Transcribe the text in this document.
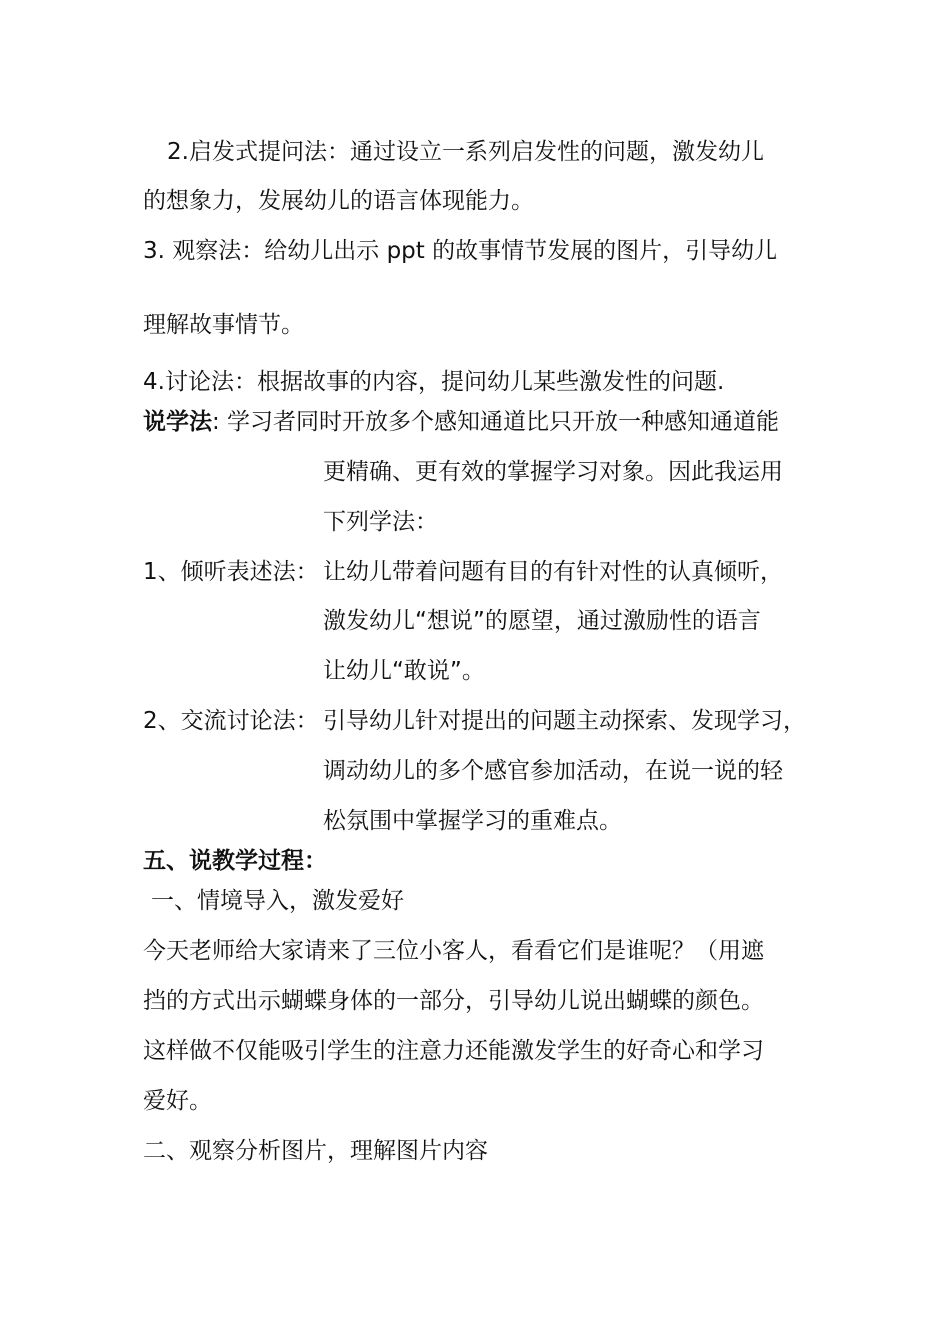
2.启发式提问法：通过设立一系列启发性的问题，激发幼儿
的想象力，发展幼儿的语言体现能力。
3. 观察法：给幼儿出示 ppt 的故事情节发展的图片，引导幼儿
理解故事情节。
4.讨论法：根据故事的内容，提问幼儿某些激发性的问题.
说学法: 学习者同时开放多个感知通道比只开放一种感知通道能
更精确、更有效的掌握学习对象。因此我运用
下列学法：
1、倾听表述法： 让幼儿带着问题有目的有针对性的认真倾听，
激发幼儿“想说”的愿望，通过激励性的语言
让幼儿“敢说”。
2、交流讨论法： 引导幼儿针对提出的问题主动探索、发现学习，
调动幼儿的多个感官参加活动，在说一说的轻
松氛围中掌握学习的重难点。
五、说教学过程：
一、情境导入，激发爱好
今天老师给大家请来了三位小客人，看看它们是谁呢？（用遮
挡的方式出示蝴蝶身体的一部分，引导幼儿说出蝴蝶的颜色。
这样做不仅能吸引学生的注意力还能激发学生的好奇心和学习
爱好。
二、观察分析图片，理解图片内容
